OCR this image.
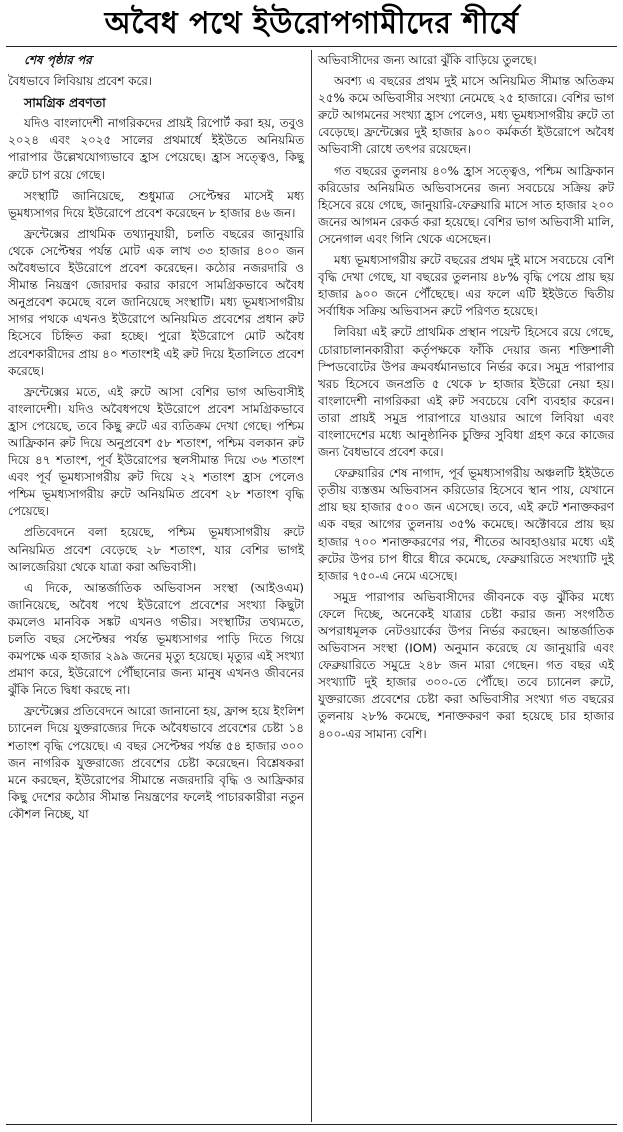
অবৈধ পথে ইউরোপগামীদের শীর্ষে

শেষ পৃষ্ঠার পর

বৈধভাবে লিবিয়ায় প্রবেশ করে।

সামগ্রিক প্রবণতা

যদিও বাংলাদেশী নাগরিকদের প্রায়ই রিপোর্ট করা হয়, তবুও ২০২৪ এবং ২০২৫ সালের প্রথমার্ধে ইইউতে অনিয়মিত পারাপার উল্লেখযোগ্যভাবে হ্রাস পেয়েছে। হ্রাস সত্ত্বেও, কিছু রুটে চাপ রয়ে গেছে।

সংস্থাটি জানিয়েছে, শুধুমাত্র সেপ্টেম্বর মাসেই মধ্য ভূমধ্যসাগর দিয়ে ইউরোপে প্রবেশ করেছেন ৮ হাজার ৪৬ জন।

ফ্রন্টেক্সের প্রাথমিক তথ্যানুযায়ী, চলতি বছরের জানুয়ারি থেকে সেপ্টেম্বর পর্যন্ত মোট এক লাখ ৩৩ হাজার ৪০০ জন অবৈধভাবে ইউরোপে প্রবেশ করেছেন। কঠোর নজরদারি ও সীমান্ত নিয়ন্ত্রণ জোরদার করার কারণে সামগ্রিকভাবে অবৈধ অনুপ্রবেশ কমেছে বলে জানিয়েছে সংস্থাটি। মধ্য ভূমধ্যসাগরীয় সাগর পথকে এখনও ইউরোপে অনিয়মিত প্রবেশের প্রধান রুট হিসেবে চিহ্নিত করা হচ্ছে। পুরো ইউরোপে মোট অবৈধ প্রবেশকারীদের প্রায় ৪০ শতাংশই এই রুট দিয়ে ইতালিতে প্রবেশ করেছে।

ফ্রন্টেক্সের মতে, এই রুটে আসা বেশির ভাগ অভিবাসীই বাংলাদেশী। যদিও অবৈধপথে ইউরোপে প্রবেশ সামগ্রিকভাবে হ্রাস পেয়েছে, তবে কিছু রুটে এর ব্যতিক্রম দেখা গেছে। পশ্চিম আফ্রিকান রুট দিয়ে অনুপ্রবেশ ৫৮ শতাংশ, পশ্চিম বলকান রুট দিয়ে ৪৭ শতাংশ, পূর্ব ইউরোপের স্থলসীমান্ত দিয়ে ৩৬ শতাংশ এবং পূর্ব ভূমধ্যসাগরীয় রুট দিয়ে ২২ শতাংশ হ্রাস পেলেও পশ্চিম ভূমধ্যসাগরীয় রুটে অনিয়মিত প্রবেশ ২৮ শতাংশ বৃদ্ধি পেয়েছে।

প্রতিবেদনে বলা হয়েছে, পশ্চিম ভূমধ্যসাগরীয় রুটে অনিয়মিত প্রবেশ বেড়েছে ২৮ শতাংশ, যার বেশির ভাগই আলজেরিয়া থেকে যাত্রা করা অভিবাসী।

এ দিকে, আন্তর্জাতিক অভিবাসন সংস্থা (আইওএম) জানিয়েছে, অবৈধ পথে ইউরোপে প্রবেশের সংখ্যা কিছুটা কমলেও মানবিক সঙ্কট এখনও গভীর। সংস্থাটির তথ্যমতে, চলতি বছর সেপ্টেম্বর পর্যন্ত ভূমধ্যসাগর পাড়ি দিতে গিয়ে কমপক্ষে এক হাজার ২৯৯ জনের মৃত্যু হয়েছে। মৃত্যুর এই সংখ্যা প্রমাণ করে, ইউরোপে পৌঁছানোর জন্য মানুষ এখনও জীবনের ঝুঁকি নিতে দ্বিধা করছে না।

ফ্রন্টেক্সের প্রতিবেদনে আরো জানানো হয়, ফ্রান্স হয়ে ইংলিশ চ্যানেল দিয়ে যুক্তরাজ্যের দিকে অবৈধভাবে প্রবেশের চেষ্টা ১৪ শতাংশ বৃদ্ধি পেয়েছে। এ বছর সেপ্টেম্বর পর্যন্ত ৫৪ হাজার ৩০০ জন নাগরিক যুক্তরাজ্যে প্রবেশের চেষ্টা করেছেন। বিশ্লেষকরা মনে করছেন, ইউরোপের সীমান্তে নজরদারি বৃদ্ধি ও আফ্রিকার কিছু দেশের কঠোর সীমান্ত নিয়ন্ত্রণের ফলেই পাচারকারীরা নতুন কৌশল নিচ্ছে, যা

অভিবাসীদের জন্য আরো ঝুঁকি বাড়িয়ে তুলছে।

অবশ্য এ বছরের প্রথম দুই মাসে অনিয়মিত সীমান্ত অতিক্রম ২৫% কমে অভিবাসীর সংখ্যা নেমেছে ২৫ হাজারে। বেশির ভাগ রুটে আগমনের সংখ্যা হ্রাস পেলেও, মধ্য ভূমধ্যসাগরীয় রুটে তা বেড়েছে। ফ্রন্টেক্সের দুই হাজার ৯০০ কর্মকর্তা ইউরোপে অবৈধ অভিবাসী রোধে তৎপর রয়েছেন।

গত বছরের তুলনায় ৪০% হ্রাস সত্ত্বেও, পশ্চিম আফ্রিকান করিডোর অনিয়মিত অভিবাসনের জন্য সবচেয়ে সক্রিয় রুট হিসেবে রয়ে গেছে, জানুয়ারি-ফেব্রুয়ারি মাসে সাত হাজার ২০০ জনের আগমন রেকর্ড করা হয়েছে। বেশির ভাগ অভিবাসী মালি, সেনেগাল এবং গিনি থেকে এসেছেন।

মধ্য ভূমধ্যসাগরীয় রুটে বছরের প্রথম দুই মাসে সবচেয়ে বেশি বৃদ্ধি দেখা গেছে, যা বছরের তুলনায় ৪৮% বৃদ্ধি পেয়ে প্রায় ছয় হাজার ৯০০ জনে পৌঁছেছে। এর ফলে এটি ইইউতে দ্বিতীয় সর্বাধিক সক্রিয় অভিবাসন রুটে পরিণত হয়েছে।

লিবিয়া এই রুটে প্রাথমিক প্রস্থান পয়েন্ট হিসেবে রয়ে গেছে, চোরাচালানকারীরা কর্তৃপক্ষকে ফাঁকি দেয়ার জন্য শক্তিশালী স্পিডবোটের উপর ক্রমবর্ধমানভাবে নির্ভর করে। সমুদ্র পারাপার খরচ হিসেবে জনপ্রতি ৫ থেকে ৮ হাজার ইউরো নেয়া হয়। বাংলাদেশী নাগরিকরা এই রুট সবচেয়ে বেশি ব্যবহার করেন। তারা প্রায়ই সমুদ্র পারাপারে যাওয়ার আগে লিবিয়া এবং বাংলাদেশের মধ্যে আনুষ্ঠানিক চুক্তির সুবিধা গ্রহণ করে কাজের জন্য বৈধভাবে প্রবেশ করে।

ফেব্রুয়ারির শেষ নাগাদ, পূর্ব ভূমধ্যসাগরীয় অঞ্চলটি ইইউতে তৃতীয় ব্যস্তত্তম অভিবাসন করিডোর হিসেবে স্থান পায়, যেখানে প্রায় ছয় হাজার ৫০০ জন এসেছে। তবে, এই রুটে শনাক্তকরণ এক বছর আগের তুলনায় ৩৫% কমেছে। অক্টোবরে প্রায় ছয় হাজার ৭০০ শনাক্তকরণের পর, শীতের আবহাওয়ার মধ্যে এই রুটের উপর চাপ ধীরে ধীরে কমেছে, ফেব্রুয়ারিতে সংখ্যাটি দুই হাজার ৭৫০-এ নেমে এসেছে।

সমুদ্র পারাপার অভিবাসীদের জীবনকে বড় ঝুঁকির মধ্যে ফেলে দিচ্ছে, অনেকেই যাত্রার চেষ্টা করার জন্য সংগঠিত অপরাধমূলক নেটওয়ার্কের উপর নির্ভর করছেন। আন্তর্জাতিক অভিবাসন সংস্থা (IOM) অনুমান করেছে যে জানুয়ারি এবং ফেব্রুয়ারিতে সমুদ্রে ২৪৮ জন মারা গেছেন। গত বছর এই সংখ্যাটি দুই হাজার ৩০০-তে পৌঁছে। তবে চ্যানেল রুটে, যুক্তরাজ্যে প্রবেশের চেষ্টা করা অভিবাসীর সংখ্যা গত বছরের তুলনায় ২৮% কমেছে, শনাক্তকরণ করা হয়েছে চার হাজার ৪০০-এর সামান্য বেশি।
